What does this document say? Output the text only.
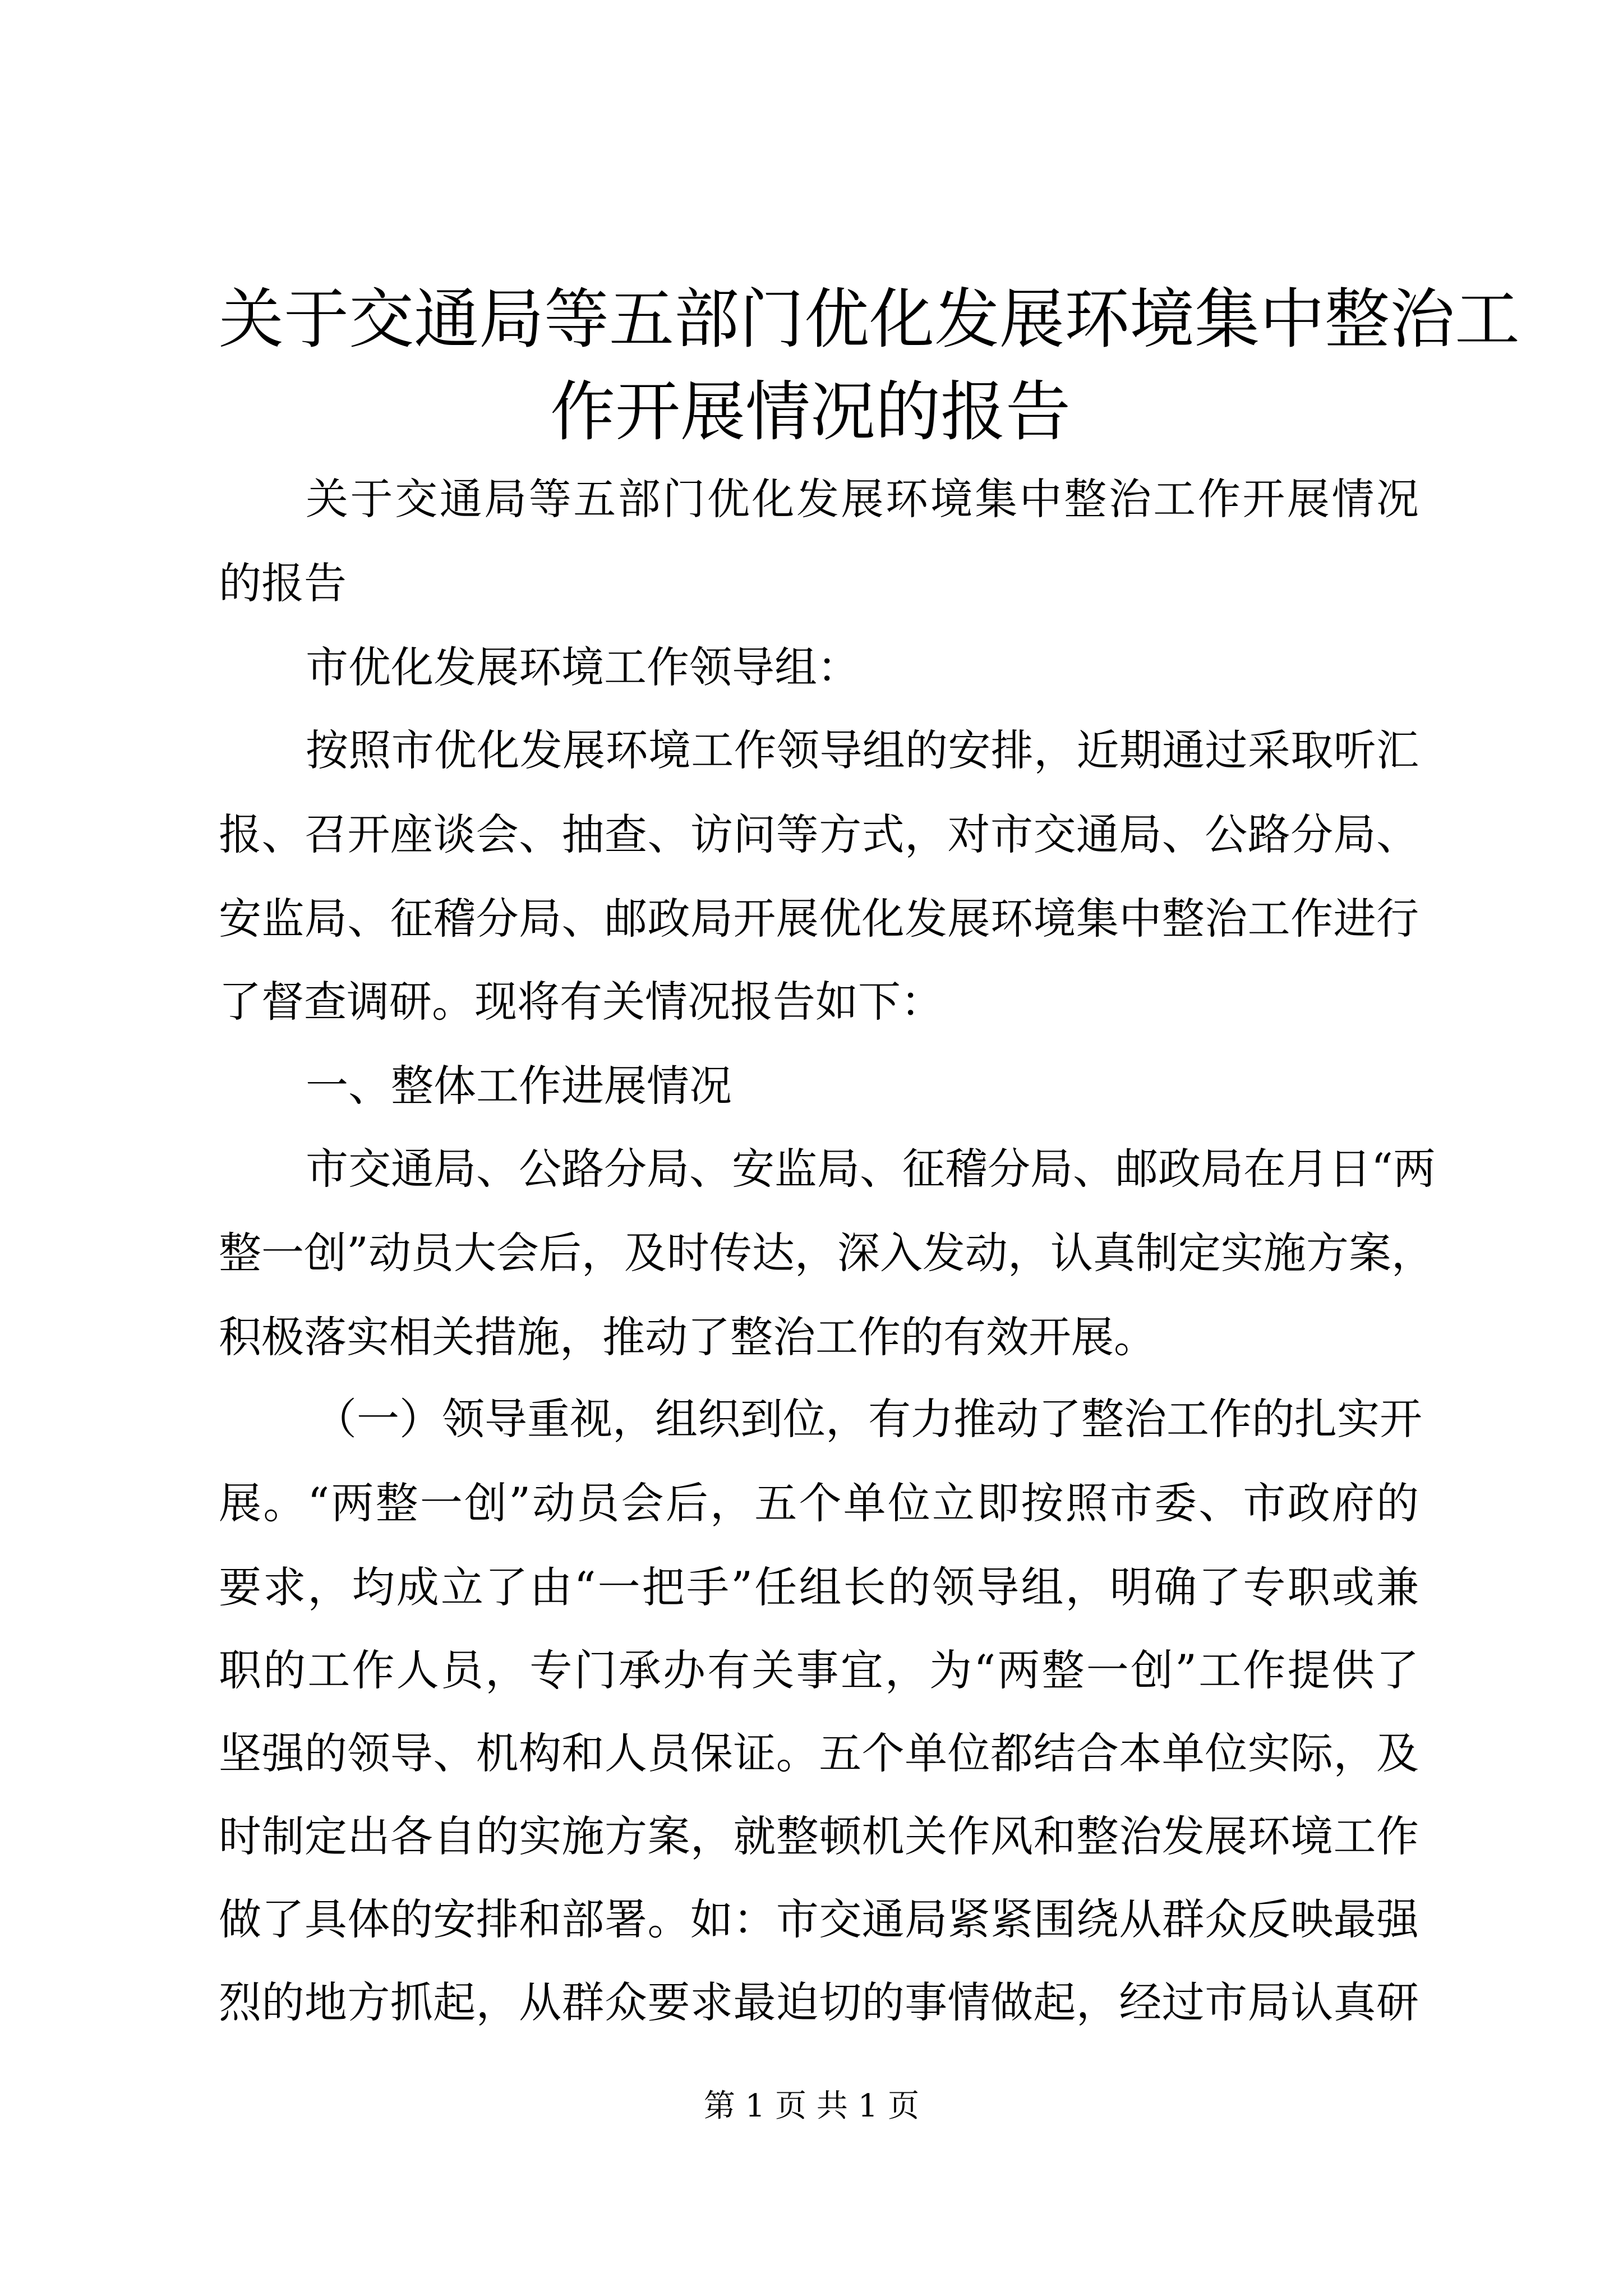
关于交通局等五部门优化发展环境集中整治工
作开展情况的报告
关于交通局等五部门优化发展环境集中整治工作开展情况
的报告
市优化发展环境工作领导组：
按照市优化发展环境工作领导组的安排，近期通过采取听汇
报、召开座谈会、抽查、访问等方式，对市交通局、公路分局、
安监局、征稽分局、邮政局开展优化发展环境集中整治工作进行
了督查调研。现将有关情况报告如下：
一、整体工作进展情况
市交通局、公路分局、安监局、征稽分局、邮政局在月日“两
整一创”动员大会后，及时传达，深入发动，认真制定实施方案，
积极落实相关措施，推动了整治工作的有效开展。
（一）领导重视，组织到位，有力推动了整治工作的扎实开
展。“两整一创”动员会后，五个单位立即按照市委、市政府的
要求，均成立了由“一把手”任组长的领导组，明确了专职或兼
职的工作人员，专门承办有关事宜，为“两整一创”工作提供了
坚强的领导、机构和人员保证。五个单位都结合本单位实际，及
时制定出各自的实施方案，就整顿机关作风和整治发展环境工作
做了具体的安排和部署。如：市交通局紧紧围绕从群众反映最强
烈的地方抓起，从群众要求最迫切的事情做起，经过市局认真研
第 1 页 共 1 页
